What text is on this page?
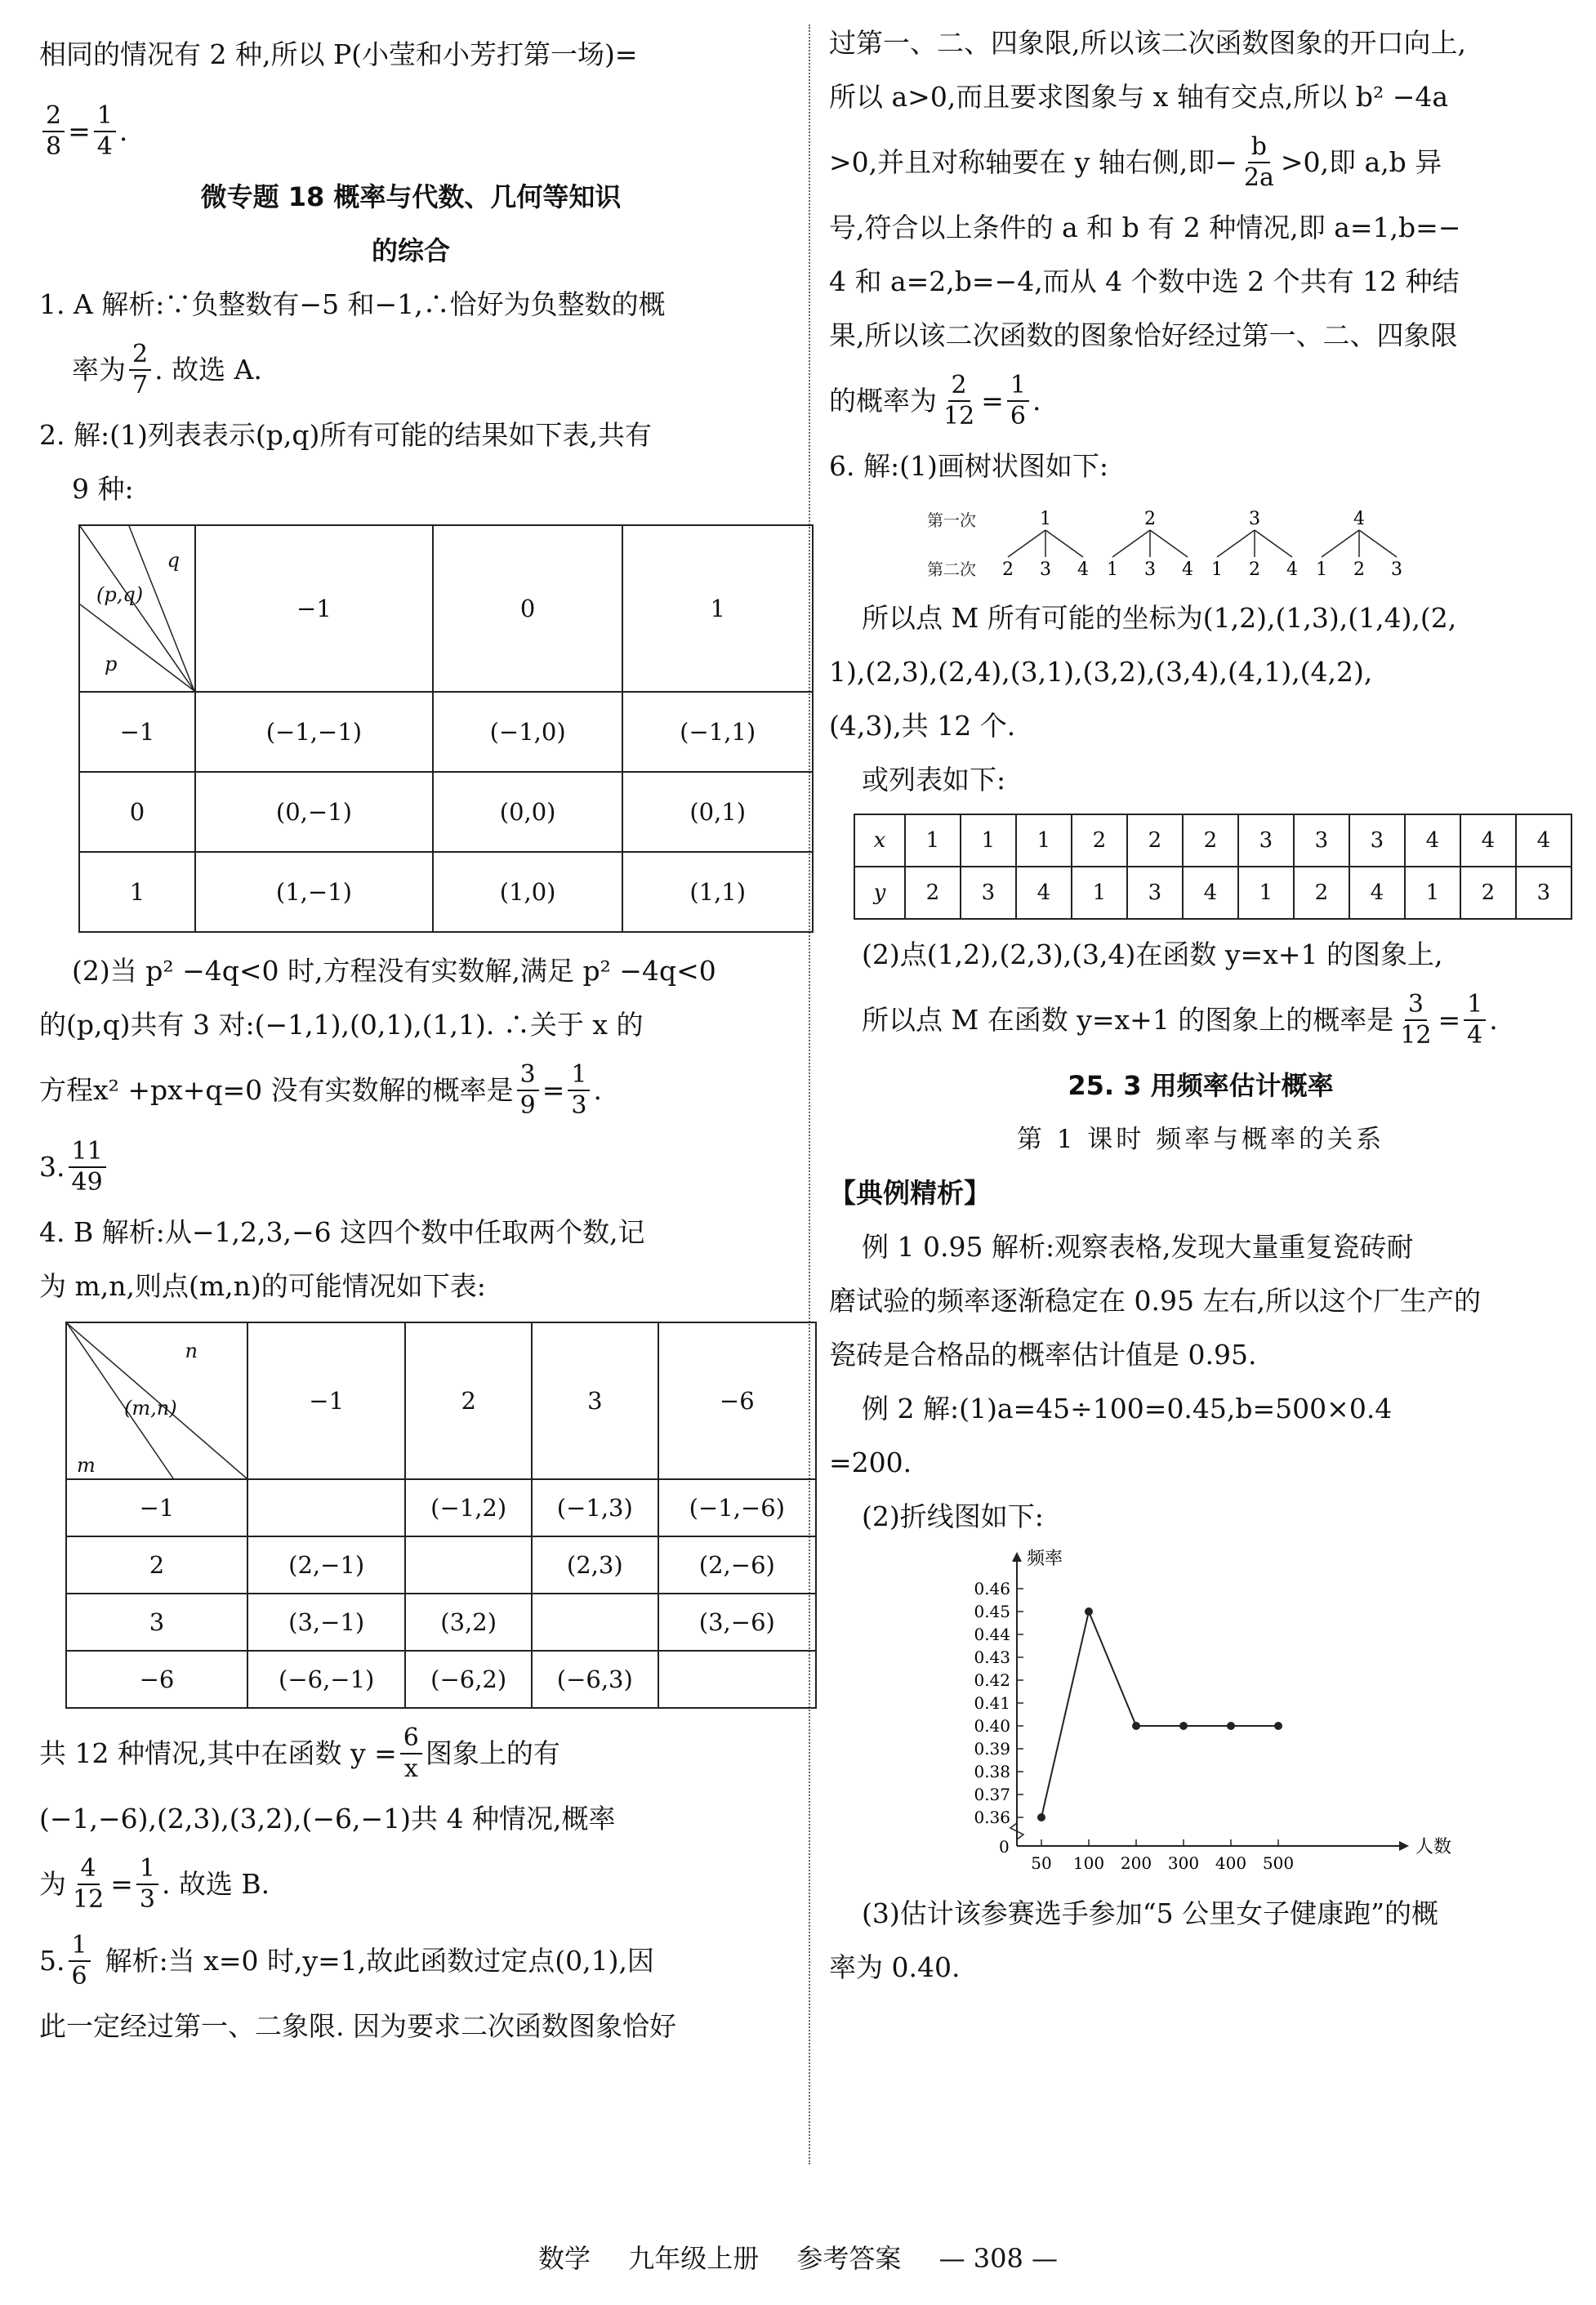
相同的情况有 2 种,所以 P(小莹和小芳打第一场)=
$\frac{2}{8} = \frac{1}{4}$ .
微专题 18 概率与代数、几何等知识
的综合
1. A 解析:∵负整数有−5 和−1,∴恰好为负整数的概
率为 $\frac{2}{7}$ . 故选 A.
2. 解:(1)列表表示(p,q)所有可能的结果如下表,共有
9 种:
q
(p,q)
p	−1	0	1
−1	(−1,−1)	(−1,0)	(−1,1)
0	(0,−1)	(0,0)	(0,1)
1	(1,−1)	(1,0)	(1,1)
(2)当 p² −4q<0 时,方程没有实数解,满足 p² −4q<0
的(p,q)共有 3 对:(−1,1),(0,1),(1,1). ∴关于 x 的
方程x² +px+q=0 没有实数解的概率是 $\frac{3}{9} = \frac{1}{3}$ .
3. $\frac{11}{49}$
4. B 解析:从−1,2,3,−6 这四个数中任取两个数,记
为 m,n,则点(m,n)的可能情况如下表:
n
(m,n)
m	−1	2	3	−6
−1		(−1,2)	(−1,3)	(−1,−6)
2	(2,−1)		(2,3)	(2,−6)
3	(3,−1)	(3,2)		(3,−6)
−6	(−6,−1)	(−6,2)	(−6,3)	
共 12 种情况,其中在函数 $y = \frac{6}{x}$ 图象上的有
(−1,−6),(2,3),(3,2),(−6,−1)共 4 种情况,概率
为 $\frac{4}{12} = \frac{1}{3}$ . 故选 B.
5. $\frac{1}{6}$ 解析:当 x=0 时,y=1,故此函数过定点(0,1),因
此一定经过第一、二象限. 因为要求二次函数图象恰好
过第一、二、四象限,所以该二次函数图象的开口向上,
所以 a>0,而且要求图象与 x 轴有交点,所以 b² −4a
>0,并且对称轴要在 y 轴右侧,即− $\frac{b}{2a} >0$,即 a,b 异
号,符合以上条件的 a 和 b 有 2 种情况,即 a=1,b=−
4 和 a=2,b=−4,而从 4 个数中选 2 个共有 12 种结
果,所以该二次函数的图象恰好经过第一、二、四象限
的概率为 $\frac{2}{12} = \frac{1}{6}$ .
6. 解:(1)画树状图如下:
第一次
第二次
1
2 3 4
2
1 3 4
3
1 2 4
4
1 2 3
所以点 M 所有可能的坐标为(1,2),(1,3),(1,4),(2,
1),(2,3),(2,4),(3,1),(3,2),(3,4),(4,1),(4,2),
(4,3),共 12 个.
或列表如下:
x	1	1	1	2	2	2	3	3	3	4	4	4
y	2	3	4	1	3	4	1	2	4	1	2	3
(2)点(1,2),(2,3),(3,4)在函数 y=x+1 的图象上,
所以点 M 在函数 y=x+1 的图象上的概率是 $\frac{3}{12} = \frac{1}{4}$ .
25. 3 用频率估计概率
第 1 课时 频率与概率的关系
【典例精析】
例 1 0.95 解析:观察表格,发现大量重复瓷砖耐
磨试验的频率逐渐稳定在 0.95 左右,所以这个厂生产的
瓷砖是合格品的概率估计值是 0.95.
例 2 解:(1)a=45÷100=0.45,b=500×0.4
=200.
(2)折线图如下:
频率
人数
0
0.36
0.37
0.38
0.39
0.40
0.41
0.42
0.43
0.44
0.45
0.46
50 100 200 300 400 500
(3)估计该参赛选手参加“5 公里女子健康跑”的概
率为 0.40.
数学 九年级上册 参考答案 — 308 —
